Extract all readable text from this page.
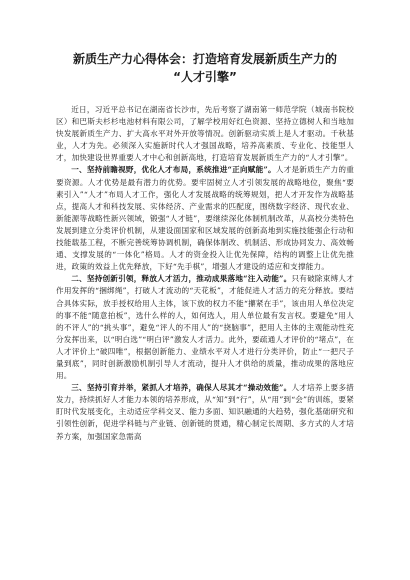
新质生产力心得体会：打造培育发展新质生产力的
“人才引擎”

近日，习近平总书记在湖南省长沙市，先后考察了湖南第一师范学院（城南书院校区）和巴斯夫杉杉电池材料有限公司，了解学校用好红色资源、坚持立德树人和当地加快发展新质生产力、扩大高水平对外开放等情况。创新驱动实质上是人才驱动。千秋基业，人才为先。必须深入实施新时代人才强国战略，培养高素质、专业化、技能型人才，加快建设世界重要人才中心和创新高地，打造培育发展新质生产力的“人才引擎”。

一、坚持前瞻视野，优化人才布局，系统推进“正向赋能”。人才是新质生产力的重要资源。人才优势是最有潜力的优势。要牢固树立人才引领发展的战略地位，聚焦“要素引入”“人才”布局人才工作，强化人才发展战略的统筹规划，把人才开发作为战略基点，提高人才和科技发展、实体经济、产业需求的匹配度，围绕数字经济、现代农业、新能源等战略性新兴领域，锻强“人才链”，要继续深化体制机制改革，从高校分类特色发展到建立分类评价机制，从建设面国家和区域发展的创新高地到实施技能强企行动和技能载基工程，不断完善统筹协调机制，确保体制改、机制活、形成协同发力、高效畅通、支撑发展的“一体化”格局。人才的资金投入让优先保障，结构的调整上让优先推进，政策的效益上优先释放，下好“先手棋”，增强人才建设的适应和支撑能力。

二、坚持创新引领，释放人才活力，推动成果落地“注入动能”。只有破除束缚人才作用发挥的“捆绑绳”，打破人才流动的“天花板”，才能促进人才活力的充分释放。要结合具体实际，放手授权给用人主体，该下放的权力不能“攥紧在手”，该由用人单位决定的事不能“随意拍板”，选什么样的人，如何选人，用人单位最有发言权。要避免“用人的不评人”的“挑头事”，避免“评人的不用人”的“挠脑事”，把用人主体的主观能动性充分发挥出来，以“明白选”“明白评”激发人才活力。此外，要疏通人才评价的“堵点”，在人才评价上“破四唯”，根据创新能力、业绩水平对人才进行分类评价，防止“一把尺子量到底”，同时创新激励机制引导人才流动，提升人才供给的质量，推动成果的落地应用。

三、坚持引育并举，紧抓人才培养，确保人尽其才“操动效能”。人才培养上要多措发力，持续抓好人才能力本领的培养形成，从“知”到“行”，从“用”到“会”的训练，要紧盯时代发展变化，主动适应学科交叉、能力多面、知识融通的大趋势，强化基础研究和引领性创新，促进学科链与产业链、创新链的贯通，精心制定长周期、多方式的人才培养方案，加强国家急需高
